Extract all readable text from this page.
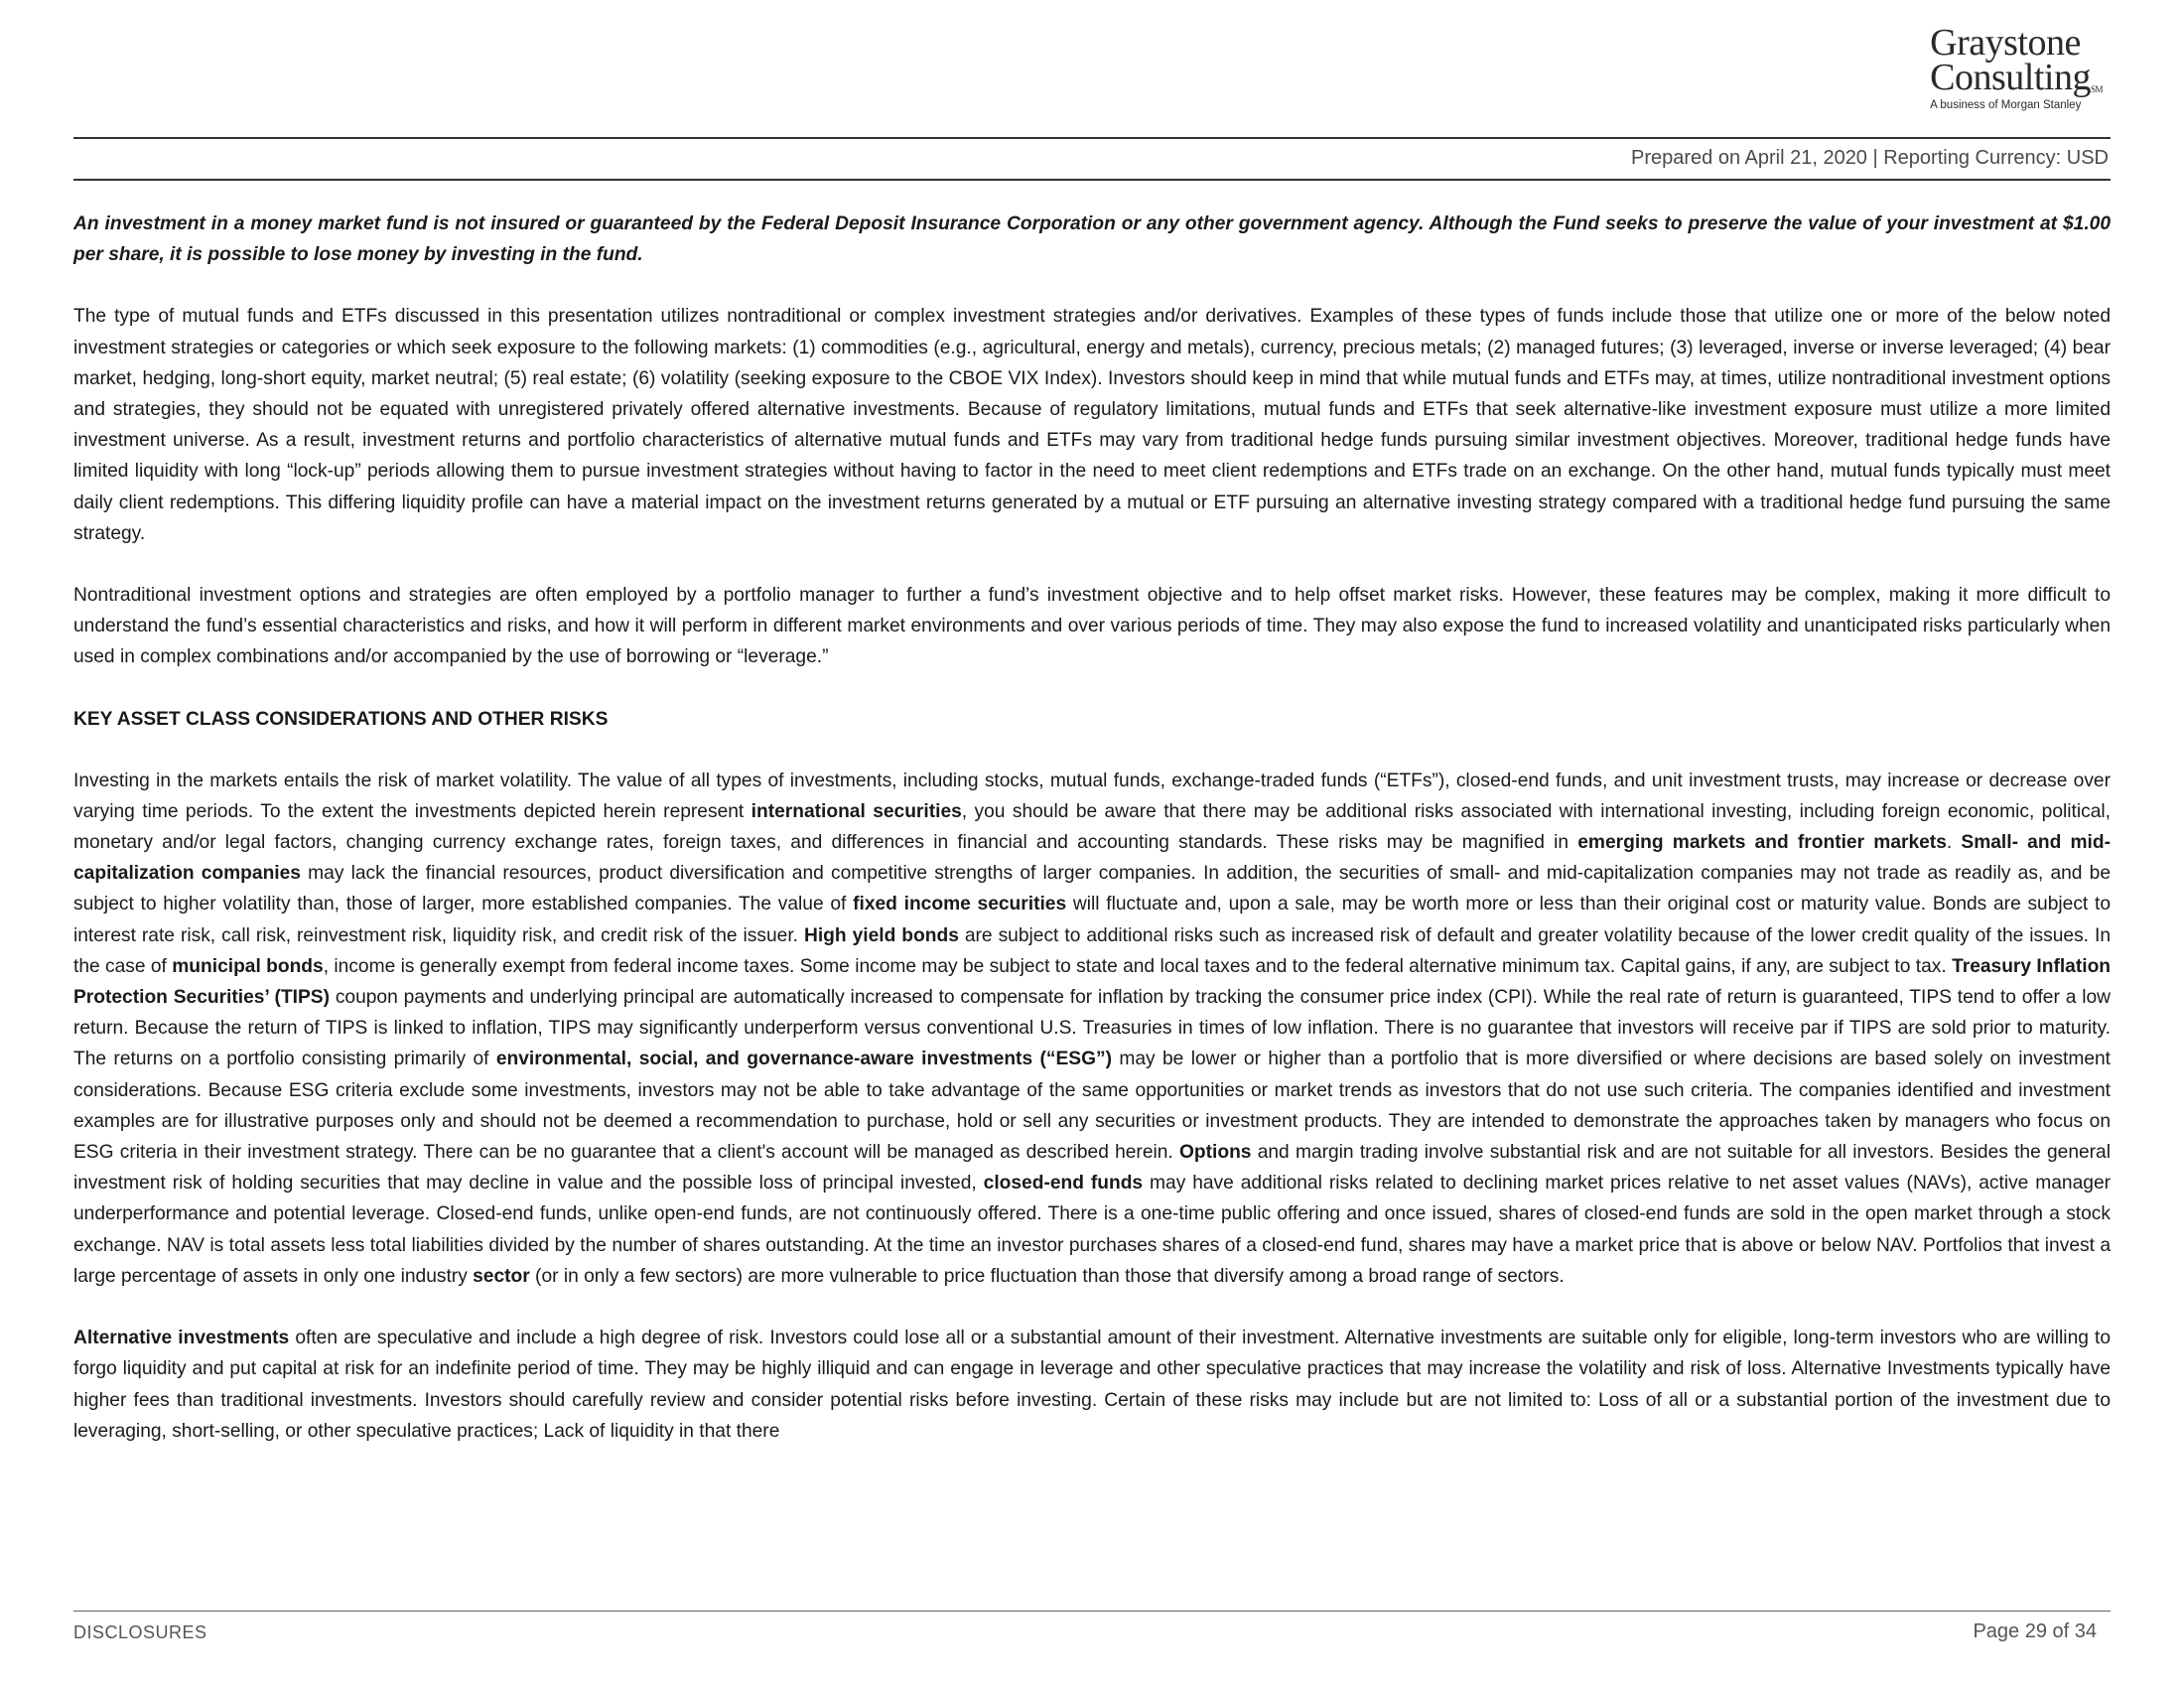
Graystone
Consulting℠
A business of Morgan Stanley
Prepared on April 21, 2020 | Reporting Currency: USD

An investment in a money market fund is not insured or guaranteed by the Federal Deposit Insurance Corporation or any other government agency. Although the Fund seeks to preserve the value of your investment at $1.00 per share, it is possible to lose money by investing in the fund.

The type of mutual funds and ETFs discussed in this presentation utilizes nontraditional or complex investment strategies and/or derivatives. Examples of these types of funds include those that utilize one or more of the below noted investment strategies or categories or which seek exposure to the following markets: (1) commodities (e.g., agricultural, energy and metals), currency, precious metals; (2) managed futures; (3) leveraged, inverse or inverse leveraged; (4) bear market, hedging, long-short equity, market neutral; (5) real estate; (6) volatility (seeking exposure to the CBOE VIX Index). Investors should keep in mind that while mutual funds and ETFs may, at times, utilize nontraditional investment options and strategies, they should not be equated with unregistered privately offered alternative investments. Because of regulatory limitations, mutual funds and ETFs that seek alternative-like investment exposure must utilize a more limited investment universe. As a result, investment returns and portfolio characteristics of alternative mutual funds and ETFs may vary from traditional hedge funds pursuing similar investment objectives. Moreover, traditional hedge funds have limited liquidity with long “lock-up” periods allowing them to pursue investment strategies without having to factor in the need to meet client redemptions and ETFs trade on an exchange. On the other hand, mutual funds typically must meet daily client redemptions. This differing liquidity profile can have a material impact on the investment returns generated by a mutual or ETF pursuing an alternative investing strategy compared with a traditional hedge fund pursuing the same strategy.

Nontraditional investment options and strategies are often employed by a portfolio manager to further a fund’s investment objective and to help offset market risks. However, these features may be complex, making it more difficult to understand the fund’s essential characteristics and risks, and how it will perform in different market environments and over various periods of time. They may also expose the fund to increased volatility and unanticipated risks particularly when used in complex combinations and/or accompanied by the use of borrowing or “leverage.”

KEY ASSET CLASS CONSIDERATIONS AND OTHER RISKS

Investing in the markets entails the risk of market volatility. The value of all types of investments, including stocks, mutual funds, exchange-traded funds (“ETFs”), closed-end funds, and unit investment trusts, may increase or decrease over varying time periods. To the extent the investments depicted herein represent international securities, you should be aware that there may be additional risks associated with international investing, including foreign economic, political, monetary and/or legal factors, changing currency exchange rates, foreign taxes, and differences in financial and accounting standards. These risks may be magnified in emerging markets and frontier markets. Small- and mid-capitalization companies may lack the financial resources, product diversification and competitive strengths of larger companies. In addition, the securities of small- and mid-capitalization companies may not trade as readily as, and be subject to higher volatility than, those of larger, more established companies. The value of fixed income securities will fluctuate and, upon a sale, may be worth more or less than their original cost or maturity value. Bonds are subject to interest rate risk, call risk, reinvestment risk, liquidity risk, and credit risk of the issuer. High yield bonds are subject to additional risks such as increased risk of default and greater volatility because of the lower credit quality of the issues. In the case of municipal bonds, income is generally exempt from federal income taxes. Some income may be subject to state and local taxes and to the federal alternative minimum tax. Capital gains, if any, are subject to tax. Treasury Inflation Protection Securities’ (TIPS) coupon payments and underlying principal are automatically increased to compensate for inflation by tracking the consumer price index (CPI). While the real rate of return is guaranteed, TIPS tend to offer a low return. Because the return of TIPS is linked to inflation, TIPS may significantly underperform versus conventional U.S. Treasuries in times of low inflation. There is no guarantee that investors will receive par if TIPS are sold prior to maturity. The returns on a portfolio consisting primarily of environmental, social, and governance-aware investments (“ESG”) may be lower or higher than a portfolio that is more diversified or where decisions are based solely on investment considerations. Because ESG criteria exclude some investments, investors may not be able to take advantage of the same opportunities or market trends as investors that do not use such criteria. The companies identified and investment examples are for illustrative purposes only and should not be deemed a recommendation to purchase, hold or sell any securities or investment products. They are intended to demonstrate the approaches taken by managers who focus on ESG criteria in their investment strategy. There can be no guarantee that a client's account will be managed as described herein. Options and margin trading involve substantial risk and are not suitable for all investors. Besides the general investment risk of holding securities that may decline in value and the possible loss of principal invested, closed-end funds may have additional risks related to declining market prices relative to net asset values (NAVs), active manager underperformance and potential leverage. Closed-end funds, unlike open-end funds, are not continuously offered. There is a one-time public offering and once issued, shares of closed-end funds are sold in the open market through a stock exchange. NAV is total assets less total liabilities divided by the number of shares outstanding. At the time an investor purchases shares of a closed-end fund, shares may have a market price that is above or below NAV. Portfolios that invest a large percentage of assets in only one industry sector (or in only a few sectors) are more vulnerable to price fluctuation than those that diversify among a broad range of sectors.

Alternative investments often are speculative and include a high degree of risk. Investors could lose all or a substantial amount of their investment. Alternative investments are suitable only for eligible, long-term investors who are willing to forgo liquidity and put capital at risk for an indefinite period of time. They may be highly illiquid and can engage in leverage and other speculative practices that may increase the volatility and risk of loss. Alternative Investments typically have higher fees than traditional investments. Investors should carefully review and consider potential risks before investing. Certain of these risks may include but are not limited to: Loss of all or a substantial portion of the investment due to leveraging, short-selling, or other speculative practices; Lack of liquidity in that there

DISCLOSURES	Page 29 of 34
